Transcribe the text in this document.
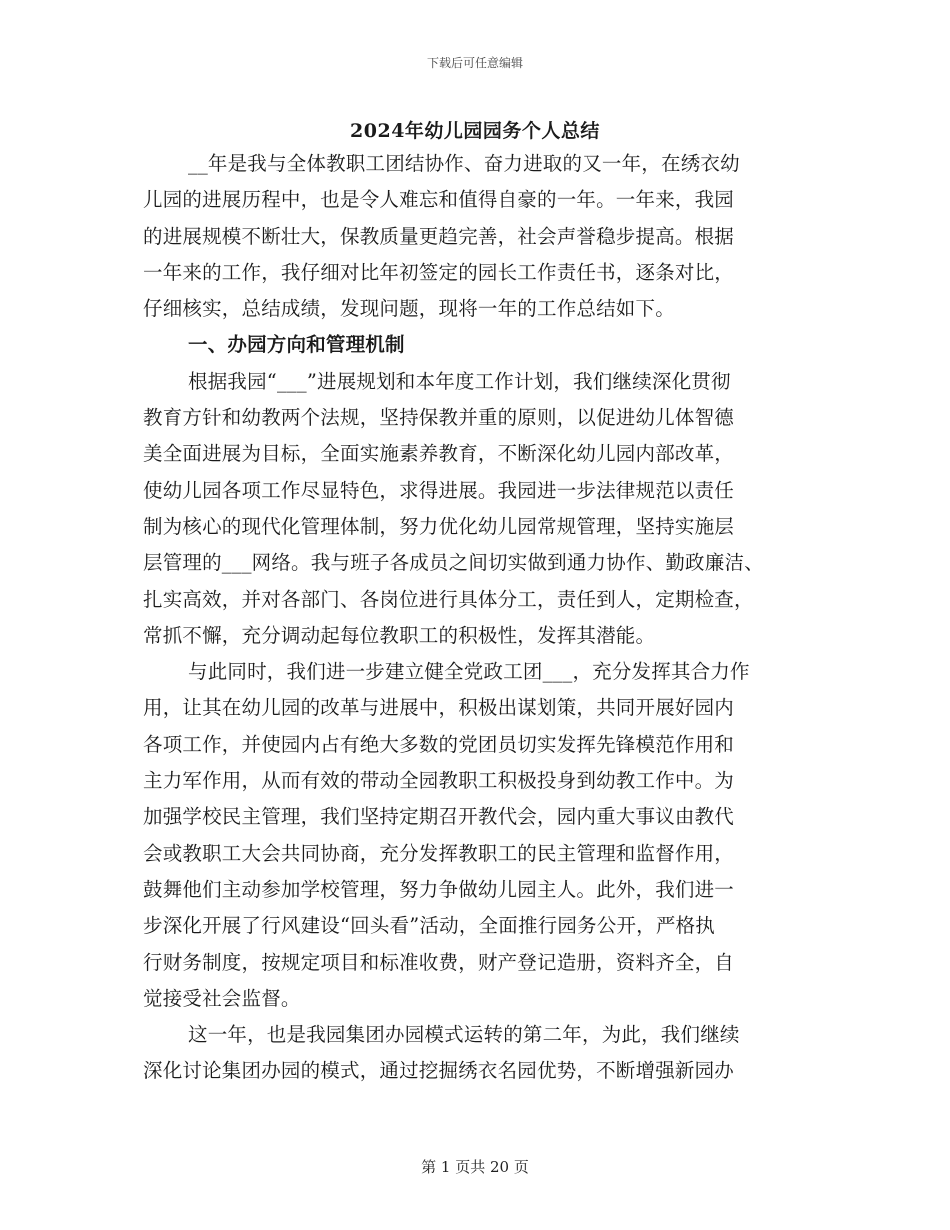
下载后可任意编辑
2024年幼儿园园务个人总结
__年是我与全体教职工团结协作、奋力进取的又一年，在绣衣幼
儿园的进展历程中，也是令人难忘和值得自豪的一年。一年来，我园
的进展规模不断壮大，保教质量更趋完善，社会声誉稳步提高。根据
一年来的工作，我仔细对比年初签定的园长工作责任书，逐条对比，
仔细核实，总结成绩，发现问题，现将一年的工作总结如下。
一、办园方向和管理机制
根据我园“___”进展规划和本年度工作计划，我们继续深化贯彻
教育方针和幼教两个法规，坚持保教并重的原则，以促进幼儿体智德
美全面进展为目标，全面实施素养教育，不断深化幼儿园内部改革，
使幼儿园各项工作尽显特色，求得进展。我园进一步法律规范以责任
制为核心的现代化管理体制，努力优化幼儿园常规管理，坚持实施层
层管理的___网络。我与班子各成员之间切实做到通力协作、勤政廉洁、
扎实高效，并对各部门、各岗位进行具体分工，责任到人，定期检查，
常抓不懈，充分调动起每位教职工的积极性，发挥其潜能。
与此同时，我们进一步建立健全党政工团___，充分发挥其合力作
用，让其在幼儿园的改革与进展中，积极出谋划策，共同开展好园内
各项工作，并使园内占有绝大多数的党团员切实发挥先锋模范作用和
主力军作用，从而有效的带动全园教职工积极投身到幼教工作中。为
加强学校民主管理，我们坚持定期召开教代会，园内重大事议由教代
会或教职工大会共同协商，充分发挥教职工的民主管理和监督作用，
鼓舞他们主动参加学校管理，努力争做幼儿园主人。此外，我们进一
步深化开展了行风建设“回头看”活动，全面推行园务公开，严格执
行财务制度，按规定项目和标准收费，财产登记造册，资料齐全，自
觉接受社会监督。
这一年，也是我园集团办园模式运转的第二年，为此，我们继续
深化讨论集团办园的模式，通过挖掘绣衣名园优势，不断增强新园办
第 1 页共 20 页
